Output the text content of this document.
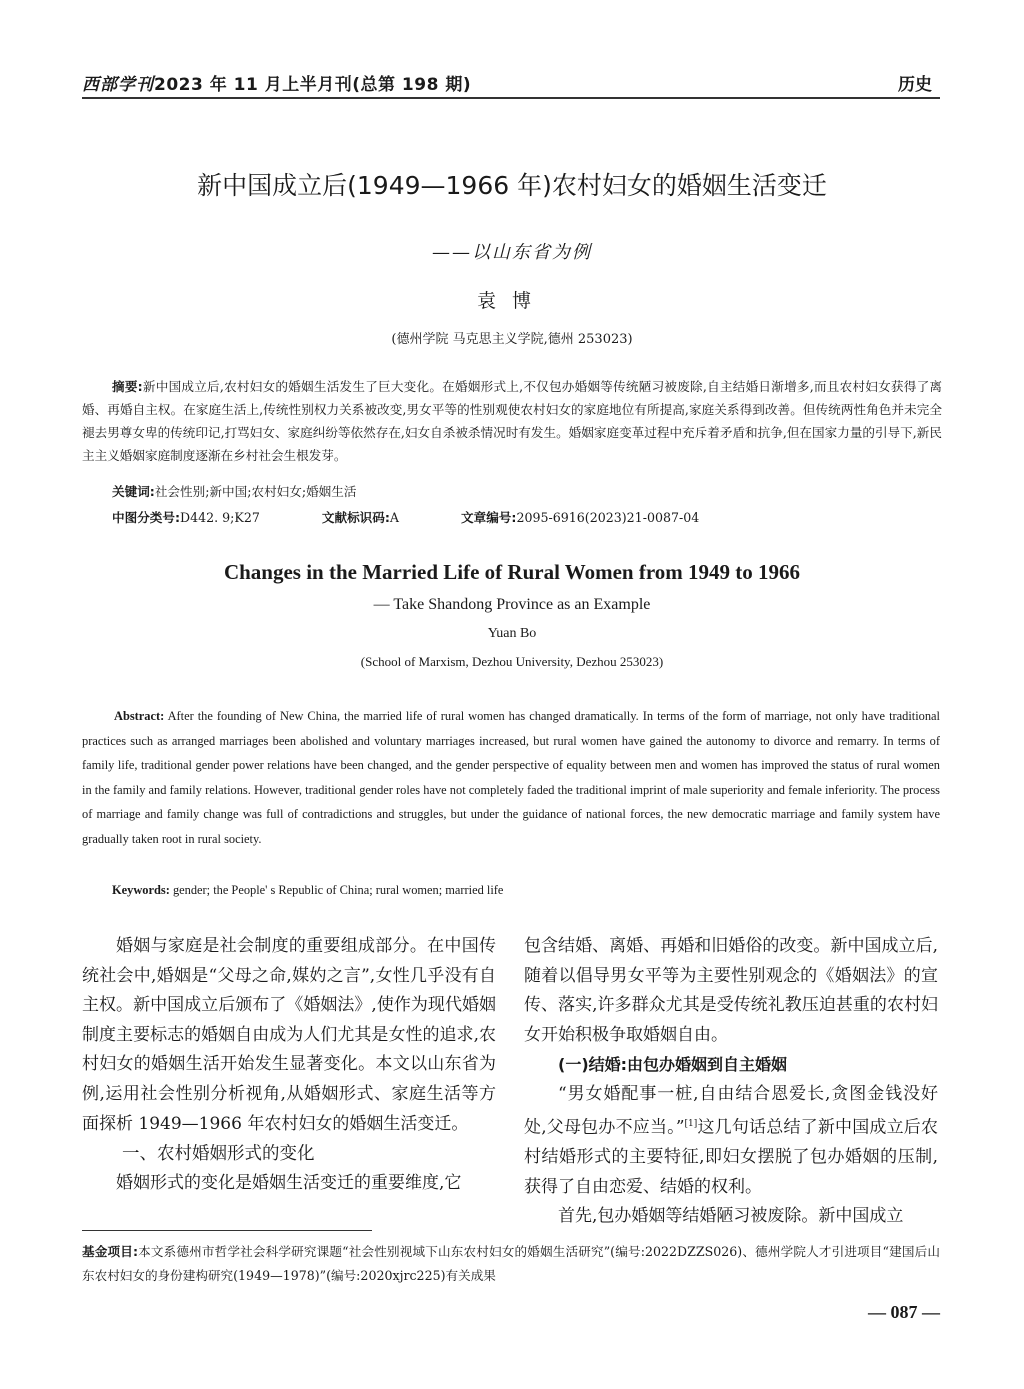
西部学刊2023 年 11 月上半月刊(总第 198 期)	历史
新中国成立后(1949—1966 年)农村妇女的婚姻生活变迁
——以山东省为例
袁博
(德州学院 马克思主义学院,德州 253023)
摘要:新中国成立后,农村妇女的婚姻生活发生了巨大变化。在婚姻形式上,不仅包办婚姻等传统陋习被废除,自主结婚日渐增多,而且农村妇女获得了离婚、再婚自主权。在家庭生活上,传统性别权力关系被改变,男女平等的性别观使农村妇女的家庭地位有所提高,家庭关系得到改善。但传统两性角色并未完全褪去男尊女卑的传统印记,打骂妇女、家庭纠纷等依然存在,妇女自杀被杀情况时有发生。婚姻家庭变革过程中充斥着矛盾和抗争,但在国家力量的引导下,新民主主义婚姻家庭制度逐渐在乡村社会生根发芽。
关键词:社会性别;新中国;农村妇女;婚姻生活
中图分类号:D442. 9;K27	文献标识码:A	文章编号:2095-6916(2023)21-0087-04
Changes in the Married Life of Rural Women from 1949 to 1966
— Take Shandong Province as an Example
Yuan Bo
(School of Marxism, Dezhou University, Dezhou 253023)
Abstract: After the founding of New China, the married life of rural women has changed dramatically. In terms of the form of marriage, not only have traditional practices such as arranged marriages been abolished and voluntary marriages increased, but rural women have gained the autonomy to divorce and remarry. In terms of family life, traditional gender power relations have been changed, and the gender perspective of equality between men and women has improved the status of rural women in the family and family relations. However, traditional gender roles have not completely faded the traditional imprint of male superiority and female inferiority. The process of marriage and family change was full of contradictions and struggles, but under the guidance of national forces, the new democratic marriage and family system have gradually taken root in rural society.
Keywords: gender; the People' s Republic of China; rural women; married life

婚姻与家庭是社会制度的重要组成部分。在中国传统社会中,婚姻是“父母之命,媒妁之言”,女性几乎没有自主权。新中国成立后颁布了《婚姻法》,使作为现代婚姻制度主要标志的婚姻自由成为人们尤其是女性的追求,农村妇女的婚姻生活开始发生显著变化。本文以山东省为例,运用社会性别分析视角,从婚姻形式、家庭生活等方面探析 1949—1966 年农村妇女的婚姻生活变迁。

一、农村婚姻形式的变化

婚姻形式的变化是婚姻生活变迁的重要维度,它

包含结婚、离婚、再婚和旧婚俗的改变。新中国成立后,随着以倡导男女平等为主要性别观念的《婚姻法》的宣传、落实,许多群众尤其是受传统礼教压迫甚重的农村妇女开始积极争取婚姻自由。

(一)结婚:由包办婚姻到自主婚姻

“男女婚配事一桩,自由结合恩爱长,贪图金钱没好处,父母包办不应当。”[1]这几句话总结了新中国成立后农村结婚形式的主要特征,即妇女摆脱了包办婚姻的压制,获得了自由恋爱、结婚的权利。

首先,包办婚姻等结婚陋习被废除。新中国成立

基金项目:本文系德州市哲学社会科学研究课题“社会性别视域下山东农村妇女的婚姻生活研究”(编号:2022DZZS026)、德州学院人才引进项目“建国后山东农村妇女的身份建构研究(1949—1978)”(编号:2020xjrc225)有关成果
— 087 —
